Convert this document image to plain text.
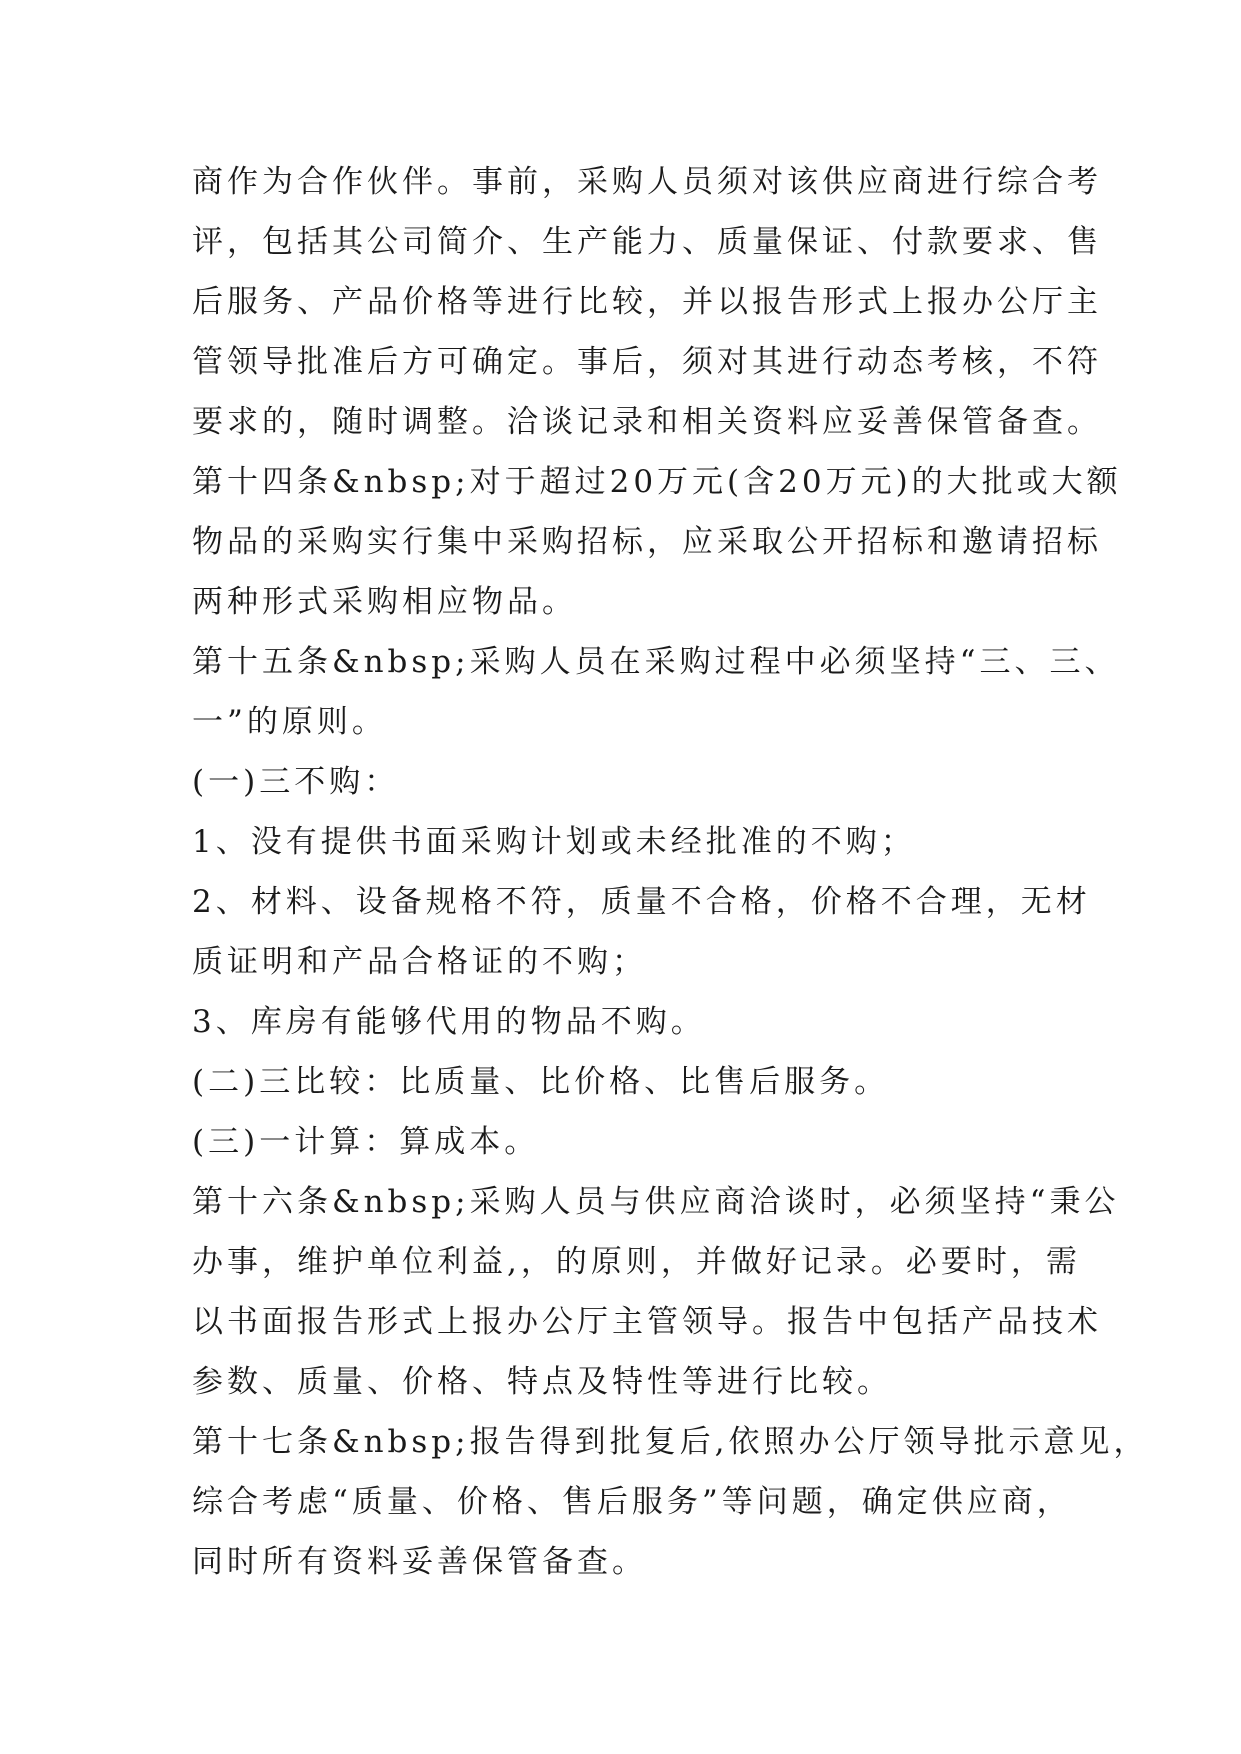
商作为合作伙伴。事前，采购人员须对该供应商进行综合考
评，包括其公司简介、生产能力、质量保证、付款要求、售
后服务、产品价格等进行比较，并以报告形式上报办公厅主
管领导批准后方可确定。事后，须对其进行动态考核，不符
要求的，随时调整。洽谈记录和相关资料应妥善保管备查。
第十四条&nbsp;对于超过20万元(含20万元)的大批或大额
物品的采购实行集中采购招标，应采取公开招标和邀请招标
两种形式采购相应物品。
第十五条&nbsp;采购人员在采购过程中必须坚持“三、三、
一”的原则。
(一)三不购：
1、没有提供书面采购计划或未经批准的不购；
2、材料、设备规格不符，质量不合格，价格不合理，无材
质证明和产品合格证的不购；
3、库房有能够代用的物品不购。
(二)三比较：比质量、比价格、比售后服务。
(三)一计算：算成本。
第十六条&nbsp;采购人员与供应商洽谈时，必须坚持“秉公
办事，维护单位利益,，的原则，并做好记录。必要时，需
以书面报告形式上报办公厅主管领导。报告中包括产品技术
参数、质量、价格、特点及特性等进行比较。
第十七条&nbsp;报告得到批复后,依照办公厅领导批示意见，
综合考虑“质量、价格、售后服务”等问题，确定供应商，
同时所有资料妥善保管备查。
